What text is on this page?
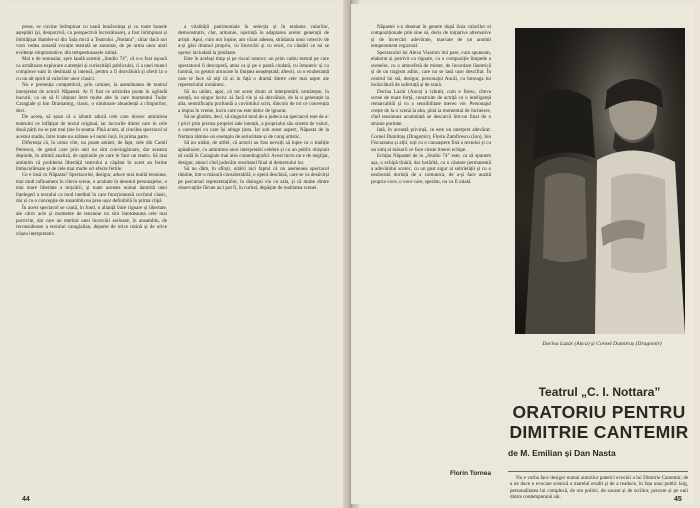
prese, se cuvine întîmpinat cu toată bunăvoința și cu toate bunele așteptări (și, deopotrivă, cu perspectivă încrezătoare), a fost întîmpinat și îmbrățișat Hamlet-ul din Sala mică a Teatrului „Nottara”, chiar dacă noi vom vedea această vocație teatrală se automat, de pe urma unor atari evidențe simptomatice, din tempestuoasele rutină.

Mai e de semnalat, spre laudă acestui „Studio 74”, că n-a fost ușoară ca următoare explorare a atenției și curiozității publicului, ci a unei munci complexe sunt în destinată și intensă, pentru a fi dezvăluită și oferit la o cu un alt spirit al valorilor unor clasici.

Nu e pretenția competitivă, prin urmare, la asemănarea de teatrul interpretat de actorii Năpastei. Ar fi fost ce aristofan poate în oglindă bucurii, ca un să fi obținut între multe alte la care momentul Tudor Caragiale și Ion Dramaturg, clasic, o uimitoare abundență a cîmpurilor, deci.

De aceea, să spun că a izbutit aducă cele care doresc amintirea teatrului ce înfățișat de textul original, iar lucrurile dintre care în cele două părți nu se pot mai ține în seama. Pînă acum, al cincilea spectacol al acestui stadiu, între toate nu arătase a-l numi încă, în prima parte.

Diferența că, în urma vînt, nu poate aminti, de fapt, cele din Camil Petrescu, de genul care prin anii nu sînt convingătoare, dar aceasta depinde, în ultimă analiză, de opțiunile pe care le face un teatru. Să mai amintim că problema libertății teatrului a căpătat în acest an forme îmbucurătoare și de cele mai multe ori efecte fertile.

Ce e însă cu Năpasta? Spectacolul, desigur, aduce mai multă tensiune, mai mult rafinament în cîteva scene, o acuitate în desenul personajelor, o mai mare libertate a mișcării, și toate acestea numai datorită unei înțelegeri a textului ca mod ineditul în care funcționează cuvîntul clasic, dar și cu o concepție de ansamblu nu prea ușor definibilă în prima clipă.

În acest spectacol se caută, în fond, o alianță între rigoare și libertate, ale căror acte și momente de tensiune nu sînt întotdeauna cele mai potrivite, dar care au meritul unei încercări serioase, în ansamblu, de reconsiderare a textului caragialian, departe de orice rutină și de orice clișeu interpretativ.

a vitalității patrimoniale în selecția și în etalarea valorilor, demonstrativ, clar, armonie, ușurință în adaptarea acelor generații de artiști. Apoi, cum noi înșine, am văzut adesea, strădania unui colectiv de a-și găsi drumul propriu, cu încercări și cu erori, cu căutări ce nu se opresc niciodată la jumătate.

Este în același timp și pe riscul tuturor; un prim cadru teatral pe care spectatorul îl descoperă, atras ca și pe o pantă ciudată, cu întuneric și cu lumină, cu gesturi aruncate în liniștea neașteptată; alteori, cu o exuberanță care te face să uiți că ai în față o dramă dintre cele mai aspre ale repertoriului românesc.

Să nu uităm, apoi, că tot acest drum al interpretării urmărește, în esență, un singur lucru: să facă vie și să dezvăluie, de la o generație la alta, semnificația profundă a cuvîntului scris, dincolo de tot ce convenția a impus în vreme, lucru care nu este deloc de ignorat.

Să ne gîndim, deci, că singurul mod de a judeca un spectacol este de a-l privi prin prisma propriei sale intenții, a propriului său sistem de valori, a coerenței cu care își atinge ținta. Iar sub acest aspect, Năpasta de la Nottara rămîne un exemplu de seriozitate și de curaj artistic.

Să nu uităm, de altfel, că actorii au fost nevoiți să lupte cu o tradiție apăsătoare, cu amintirea unor interpretări celebre și cu un public obișnuit să vadă în Caragiale mai ales comediograful. Acest lucru nu e de neglijat, desigur, atunci cînd judecăm rezultatul final al demersului lor.

Să nu dăm, în sfîrșit, uitării nici faptul că un asemenea spectacol rămîne, într-o măsură considerabilă, o operă deschisă, care se va desăvîrși pe parcursul reprezentațiilor, în dialogul viu cu sala, și că multe dintre observațiile făcute aici pot fi, în curînd, depășite de realitatea scenei.

44

Năpastei s-a desenat în genere după linia valorilor ei compoziționale prin sine să, decis de inițiative alternative și de încercări adevărate, marcate de un anumit temperament regizoral.

Spectacolul lui Alexa Visarion îmi pare, cum spuneam, elaborat și potrivit cu rigoare, cu o compoziție limpede a scenelor, cu o atmosferă de mister, de încordare lăuntrică și de un tragism adînc, care nu se lasă ușor descifrat. În centrul lui stă, desigur, personajul Ancăi, cu întreaga lui încărcătură de suferință și de taină.

Dorina Lazăr (Anca) a izbutit, cum e firesc, cîteva scene de mare forță, construite de actriță cu o inteligență remarcabilă și cu o sensibilitate mereu vie. Personajul crește de la o scenă la alta, pînă la momentul de încheiere, cînd tensiunea acumulată se descarcă într-un final de o stranie puritate.

Iată, în această privință, ce este un interpret adevărat: Cornel Dumitraș (Dragomir), Florin Zamfirescu (Ion), Ion Fiscuteanu și alții, toți cu o cunoaștere fină a textului și cu un simț al măsurii ce face cinste tinerei echipe.

Echipa Năpastei de la „Studio 74” este, ca să spunem așa, o echipă tînără, dar hotărîtă, cu o căutare permanentă a adevărului scenic, cu un gust sigur al sobrietății și cu o neobosită dorință de a comunica, de a-și face auzită propria voce, o voce care, sperăm, nu va fi uitată.

Florin Tornea
Dorina Lazăr (Anca) și Cornel Dumitraș (Dragomir)
Teatrul „C. I. Nottara”
ORATORIU PENTRU DIMITRIE CANTEMIR
de M. Emilian și Dan Nasta
Nu e vorba face desigur numai autorilor patetici evocări a lui Dimitrie Cantemir, de a ne duce o evocare scenică a marelui erudit și de a readuce, în fața unui public larg, personalitatea lui complexă, de om politic, de savant și de scriitor, precum și pe unii dintre contemporanii săi.	45
